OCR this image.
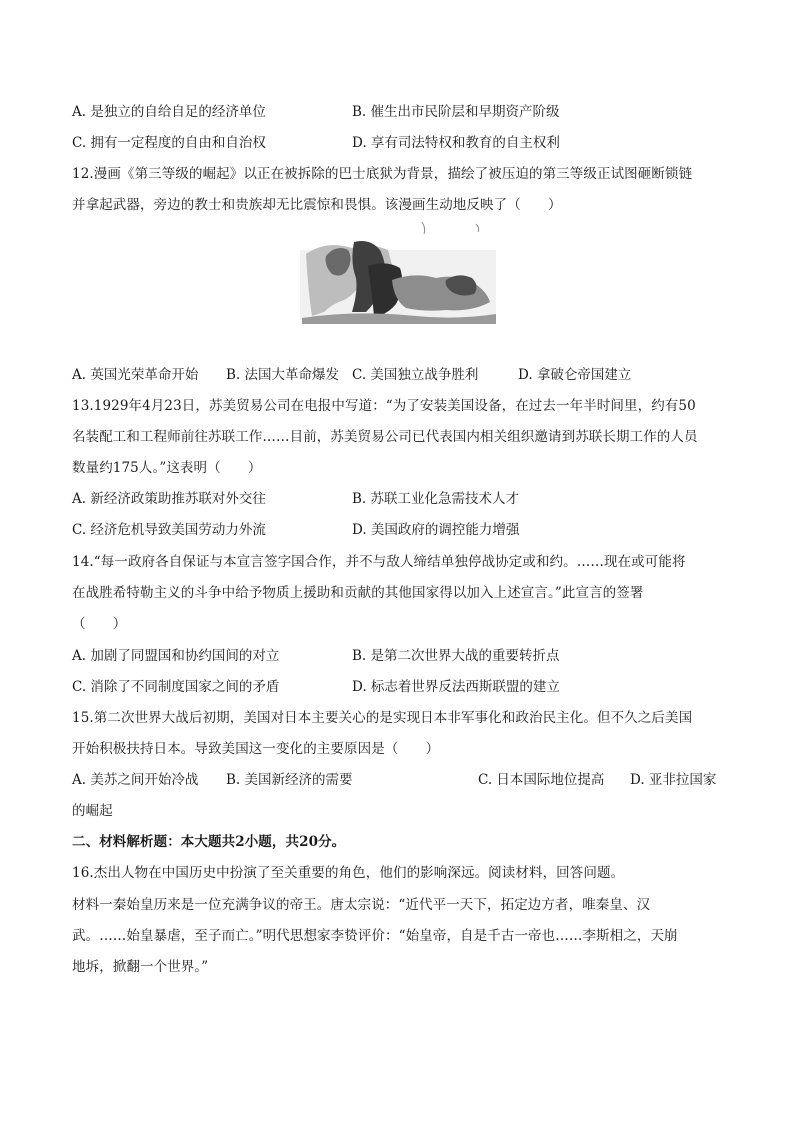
A. 是独立的自给自足的经济单位	B. 催生出市民阶层和早期资产阶级
C. 拥有一定程度的自由和自治权	D. 享有司法特权和教育的自主权利
12.漫画《第三等级的崛起》以正在被拆除的巴士底狱为背景，描绘了被压迫的第三等级正试图砸断锁链
并拿起武器，旁边的教士和贵族却无比震惊和畏惧。该漫画生动地反映了（　　）
A. 英国光荣革命开始 B. 法国大革命爆发 C. 美国独立战争胜利	D. 拿破仑帝国建立
13.1929年4月23日，苏美贸易公司在电报中写道：“为了安装美国设备，在过去一年半时间里，约有50
名装配工和工程师前往苏联工作……目前，苏美贸易公司已代表国内相关组织邀请到苏联长期工作的人员
数量约175人。”这表明（　　）
A. 新经济政策助推苏联对外交往	B. 苏联工业化急需技术人才
C. 经济危机导致美国劳动力外流	D. 美国政府的调控能力增强
14.“每一政府各自保证与本宣言签字国合作，并不与敌人缔结单独停战协定或和约。……现在或可能将
在战胜希特勒主义的斗争中给予物质上援助和贡献的其他国家得以加入上述宣言。”此宣言的签署
（　　）
A. 加剧了同盟国和协约国间的对立	B. 是第二次世界大战的重要转折点
C. 消除了不同制度国家之间的矛盾	D. 标志着世界反法西斯联盟的建立
15.第二次世界大战后初期，美国对日本主要关心的是实现日本非军事化和政治民主化。但不久之后美国
开始积极扶持日本。导致美国这一变化的主要原因是（　　）
A. 美苏之间开始冷战 B. 美国新经济的需要	C. 日本国际地位提高 D. 亚非拉国家
的崛起
二、材料解析题：本大题共2小题，共20分。
16.杰出人物在中国历史中扮演了至关重要的角色，他们的影响深远。阅读材料，回答问题。
材料一秦始皇历来是一位充满争议的帝王。唐太宗说：“近代平一天下，拓定边方者，唯秦皇、汉
武。……始皇暴虐，至子而亡。”明代思想家李贽评价：“始皇帝，自是千古一帝也……李斯相之，天崩
地坼，掀翻一个世界。”
